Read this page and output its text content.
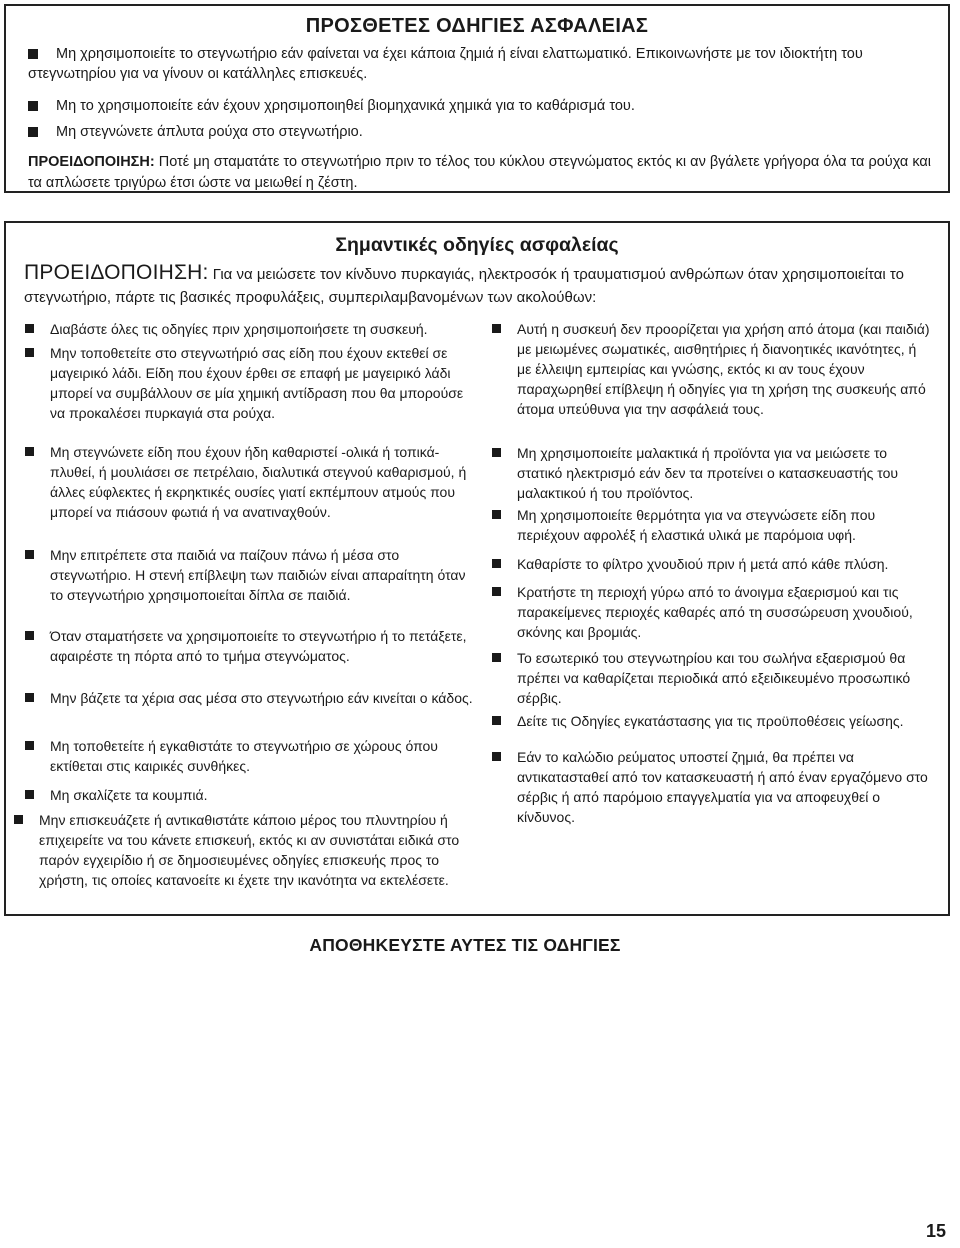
ΠΡΟΣΘΕΤΕΣ ΟΔΗΓΙΕΣ ΑΣΦΑΛΕΙΑΣ
Μη χρησιμοποιείτε το στεγνωτήριο εάν φαίνεται να έχει κάποια ζημιά ή είναι ελαττωματικό. Επικοινωνήστε με τον ιδιοκτήτη του στεγνωτηρίου για να γίνουν οι κατάλληλες επισκευές.
Μη το χρησιμοποιείτε εάν έχουν χρησιμοποιηθεί βιομηχανικά χημικά για το καθάρισμά του.
Μη στεγνώνετε άπλυτα ρούχα στο στεγνωτήριο.
ΠΡΟΕΙΔΟΠΟΙΗΣΗ: Ποτέ μη σταματάτε το στεγνωτήριο πριν το τέλος του κύκλου στεγνώματος εκτός κι αν βγάλετε γρήγορα όλα τα ρούχα και τα απλώσετε τριγύρω έτσι ώστε να μειωθεί η ζέστη.
Σημαντικές οδηγίες ασφαλείας
ΠΡΟΕΙΔΟΠΟΙΗΣΗ: Για να μειώσετε τον κίνδυνο πυρκαγιάς, ηλεκτροσόκ ή τραυματισμού ανθρώπων όταν χρησιμοποιείται το στεγνωτήριο, πάρτε τις βασικές προφυλάξεις, συμπεριλαμβανομένων των ακολούθων:
Διαβάστε όλες τις οδηγίες πριν χρησιμοποιήσετε τη συσκευή.
Μην τοποθετείτε στο στεγνωτήριό σας είδη που έχουν εκτεθεί σε μαγειρικό λάδι. Είδη που έχουν έρθει σε επαφή με μαγειρικό λάδι μπορεί να συμβάλλουν σε μία χημική αντίδραση που θα μπορούσε να προκαλέσει πυρκαγιά στα ρούχα.
Μη στεγνώνετε είδη που έχουν ήδη καθαριστεί -ολικά ή τοπικά- πλυθεί, ή μουλιάσει σε πετρέλαιο, διαλυτικά στεγνού καθαρισμού, ή άλλες εύφλεκτες ή εκρηκτικές ουσίες γιατί εκπέμπουν ατμούς που μπορεί να πιάσουν φωτιά ή να ανατιναχθούν.
Μην επιτρέπετε στα παιδιά να παίζουν πάνω ή μέσα στο στεγνωτήριο. Η στενή επίβλεψη των παιδιών είναι απαραίτητη όταν το στεγνωτήριο χρησιμοποιείται δίπλα σε παιδιά.
Όταν σταματήσετε να χρησιμοποιείτε το στεγνωτήριο ή το πετάξετε, αφαιρέστε τη πόρτα από το τμήμα στεγνώματος.
Μην βάζετε τα χέρια σας μέσα στο στεγνωτήριο εάν κινείται ο κάδος.
Μη τοποθετείτε ή εγκαθιστάτε το στεγνωτήριο σε χώρους όπου εκτίθεται στις καιρικές συνθήκες.
Μη σκαλίζετε τα κουμπιά.
Μην επισκευάζετε ή αντικαθιστάτε κάποιο μέρος του πλυντηρίου ή επιχειρείτε να του κάνετε επισκευή, εκτός κι αν συνιστάται ειδικά στο παρόν εγχειρίδιο ή σε δημοσιευμένες οδηγίες επισκευής προς το χρήστη, τις οποίες κατανοείτε κι έχετε την ικανότητα να εκτελέσετε.
Αυτή η συσκευή δεν προορίζεται για χρήση από άτομα (και παιδιά) με μειωμένες σωματικές, αισθητήριες ή διανοητικές ικανότητες, ή με έλλειψη εμπειρίας και γνώσης, εκτός κι αν τους έχουν παραχωρηθεί επίβλεψη ή οδηγίες για τη χρήση της συσκευής από άτομα υπεύθυνα για την ασφάλειά τους.
Μη χρησιμοποιείτε μαλακτικά ή προϊόντα για να μειώσετε το στατικό ηλεκτρισμό εάν δεν τα προτείνει ο κατασκευαστής του μαλακτικού ή του προϊόντος.
Μη χρησιμοποιείτε θερμότητα για να στεγνώσετε είδη που περιέχουν αφρολέξ ή ελαστικά υλικά με παρόμοια υφή.
Καθαρίστε το φίλτρο χνουδιού πριν ή μετά από κάθε πλύση.
Κρατήστε τη περιοχή γύρω από το άνοιγμα εξαερισμού και τις παρακείμενες περιοχές καθαρές από τη συσσώρευση χνουδιού, σκόνης και βρομιάς.
Το εσωτερικό του στεγνωτηρίου και του σωλήνα εξαερισμού θα πρέπει να καθαρίζεται περιοδικά από εξειδικευμένο προσωπικό σέρβις.
Δείτε τις Οδηγίες εγκατάστασης για τις προϋποθέσεις γείωσης.
Εάν το καλώδιο ρεύματος υποστεί ζημιά, θα πρέπει να αντικατασταθεί από τον κατασκευαστή ή από έναν εργαζόμενο στο σέρβις ή από παρόμοιο επαγγελματία για να αποφευχθεί ο κίνδυνος.
ΑΠΟΘΗΚΕΥΣΤΕ ΑΥΤΕΣ ΤΙΣ ΟΔΗΓΙΕΣ
15
